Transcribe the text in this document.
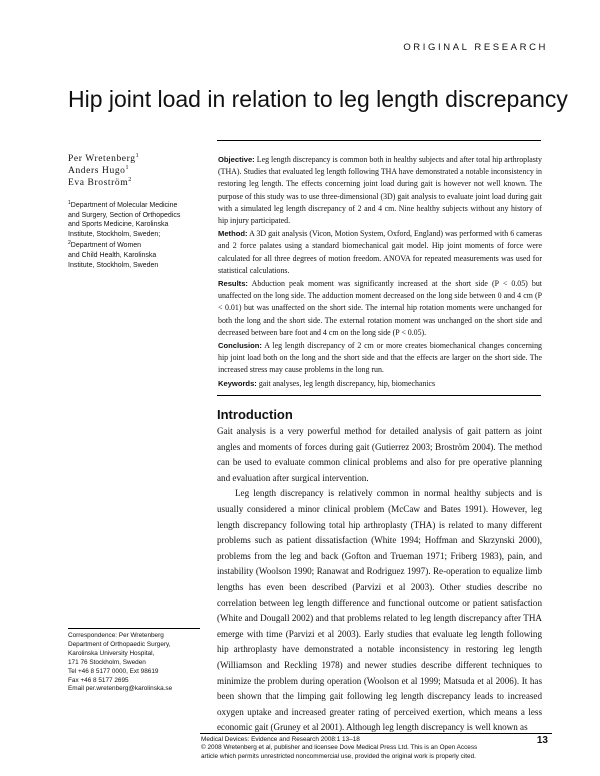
ORIGINAL RESEARCH
Hip joint load in relation to leg length discrepancy
Per Wretenberg$^1$
Anders Hugo$^1$
Eva Broström$^2$
$^1$Department of Molecular Medicine
and Surgery, Section of Orthopedics
and Sports Medicine, Karolinska
Institute, Stockholm, Sweden;
$^2$Department of Women
and Child Health, Karolinska
Institute, Stockholm, Sweden

Objective: Leg length discrepancy is common both in healthy subjects and after total hip arthroplasty (THA). Studies that evaluated leg length following THA have demonstrated a notable inconsistency in restoring leg length. The effects concerning joint load during gait is however not well known. The purpose of this study was to use three-dimensional (3D) gait analysis to evaluate joint load during gait with a simulated leg length discrepancy of 2 and 4 cm. Nine healthy subjects without any history of hip injury participated.

Method: A 3D gait analysis (Vicon, Motion System, Oxford, England) was performed with 6 cameras and 2 force palates using a standard biomechanical gait model. Hip joint moments of force were calculated for all three degrees of motion freedom. ANOVA for repeated measurements was used for statistical calculations.

Results: Abduction peak moment was significantly increased at the short side (P < 0.05) but unaffected on the long side. The adduction moment decreased on the long side between 0 and 4 cm (P < 0.01) but was unaffected on the short side. The internal hip rotation moments were unchanged for both the long and the short side. The external rotation moment was unchanged on the short side and decreased between bare foot and 4 cm on the long side (P < 0.05).

Conclusion: A leg length discrepancy of 2 cm or more creates biomechanical changes concerning hip joint load both on the long and the short side and that the effects are larger on the short side. The increased stress may cause problems in the long run.

Keywords: gait analyses, leg length discrepancy, hip, biomechanics

Introduction

Gait analysis is a very powerful method for detailed analysis of gait pattern as joint angles and moments of forces during gait (Gutierrez 2003; Broström 2004). The method can be used to evaluate common clinical problems and also for pre operative planning and evaluation after surgical intervention.

Leg length discrepancy is relatively common in normal healthy subjects and is usually considered a minor clinical problem (McCaw and Bates 1991). However, leg length discrepancy following total hip arthroplasty (THA) is related to many different problems such as patient dissatisfaction (White 1994; Hoffman and Skrzynski 2000), problems from the leg and back (Gofton and Trueman 1971; Friberg 1983), pain, and instability (Woolson 1990; Ranawat and Rodriguez 1997). Re-operation to equalize limb lengths has even been described (Parvizi et al 2003). Other studies describe no correlation between leg length difference and functional outcome or patient satisfaction (White and Dougall 2002) and that problems related to leg length discrepancy after THA emerge with time (Parvizi et al 2003). Early studies that evaluate leg length following hip arthroplasty have demonstrated a notable inconsistency in restoring leg length (Williamson and Reckling 1978) and newer studies describe different techniques to minimize the problem during operation (Woolson et al 1999; Matsuda et al 2006). It has been shown that the limping gait following leg length discrepancy leads to increased oxygen uptake and increased greater rating of perceived exertion, which means a less economic gait (Gruney et al 2001). Although leg length discrepancy is well known as

Correspondence: Per Wretenberg
Department of Orthopaedic Surgery,
Karolinska University Hospital,
171 76 Stockholm, Sweden
Tel +46 8 5177 0000, Ext 98619
Fax +46 8 5177 2695
Email per.wretenberg@karolinska.se
Medical Devices: Evidence and Research 2008:1 13–18
© 2008 Wretenberg et al, publisher and licensee Dove Medical Press Ltd. This is an Open Access
article which permits unrestricted noncommercial use, provided the original work is properly cited.
13
